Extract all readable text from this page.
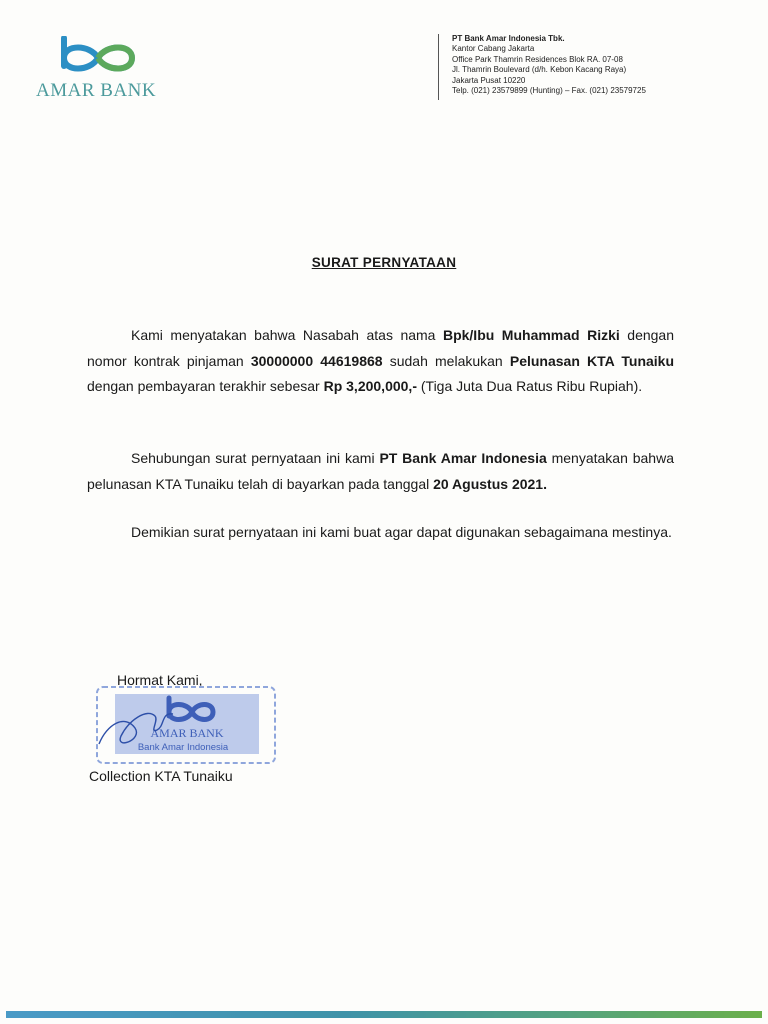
AMAR BANK
PT Bank Amar Indonesia Tbk.
Kantor Cabang Jakarta
Office Park Thamrin Residences Blok RA. 07-08
Jl. Thamrin Boulevard (d/h. Kebon Kacang Raya)
Jakarta Pusat 10220
Telp. (021) 23579899 (Hunting) – Fax. (021) 23579725
SURAT PERNYATAAN
Kami menyatakan bahwa Nasabah atas nama Bpk/Ibu Muhammad Rizki dengan nomor kontrak pinjaman 30000000 44619868 sudah melakukan Pelunasan KTA Tunaiku dengan pembayaran terakhir sebesar Rp 3,200,000,- (Tiga Juta Dua Ratus Ribu Rupiah).
Sehubungan surat pernyataan ini kami PT Bank Amar Indonesia menyatakan bahwa pelunasan KTA Tunaiku telah di bayarkan pada tanggal 20 Agustus 2021.
Demikian surat pernyataan ini kami buat agar dapat digunakan sebagaimana mestinya.
Hormat Kami,
AMAR BANK
Bank Amar Indonesia
Collection KTA Tunaiku
